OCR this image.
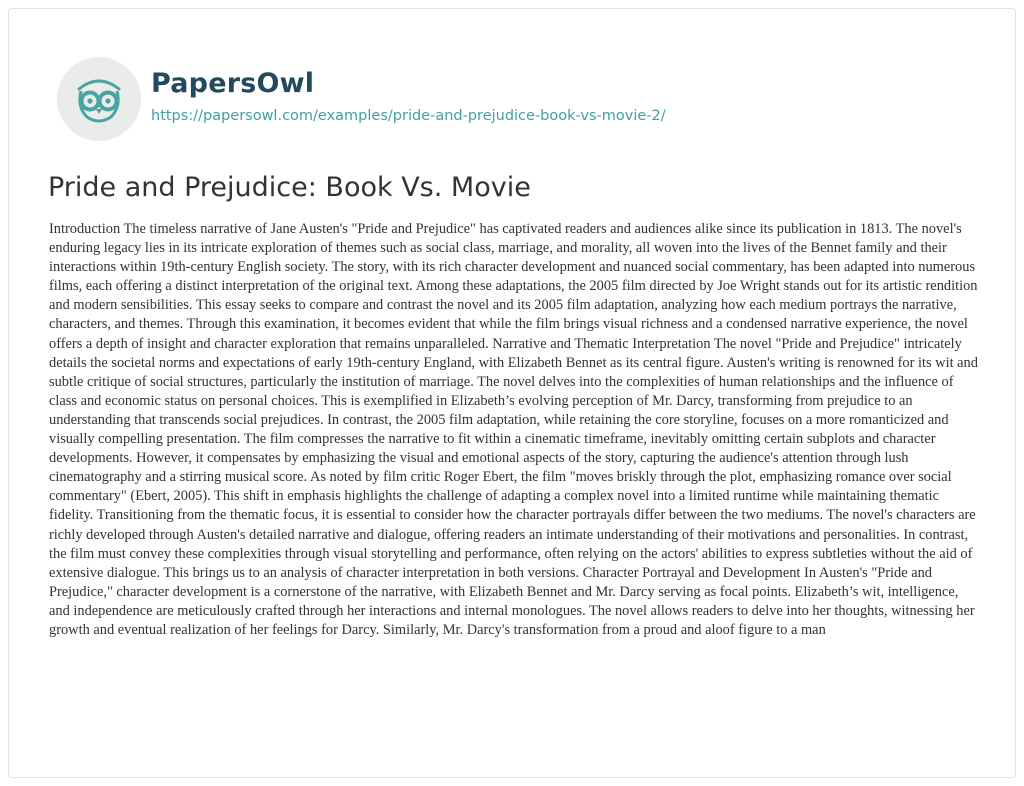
PapersOwl
https://papersowl.com/examples/pride-and-prejudice-book-vs-movie-2/
Pride and Prejudice: Book Vs. Movie

Introduction The timeless narrative of Jane Austen's "Pride and Prejudice" has captivated readers and audiences alike since its publication in 1813. The novel's enduring legacy lies in its intricate exploration of themes such as social class, marriage, and morality, all woven into the lives of the Bennet family and their interactions within 19th-century English society. The story, with its rich character development and nuanced social commentary, has been adapted into numerous films, each offering a distinct interpretation of the original text. Among these adaptations, the 2005 film directed by Joe Wright stands out for its artistic rendition and modern sensibilities. This essay seeks to compare and contrast the novel and its 2005 film adaptation, analyzing how each medium portrays the narrative, characters, and themes. Through this examination, it becomes evident that while the film brings visual richness and a condensed narrative experience, the novel offers a depth of insight and character exploration that remains unparalleled. Narrative and Thematic Interpretation The novel "Pride and Prejudice" intricately details the societal norms and expectations of early 19th-century England, with Elizabeth Bennet as its central figure. Austen's writing is renowned for its wit and subtle critique of social structures, particularly the institution of marriage. The novel delves into the complexities of human relationships and the influence of class and economic status on personal choices. This is exemplified in Elizabeth’s evolving perception of Mr. Darcy, transforming from prejudice to an understanding that transcends social prejudices. In contrast, the 2005 film adaptation, while retaining the core storyline, focuses on a more romanticized and visually compelling presentation. The film compresses the narrative to fit within a cinematic timeframe, inevitably omitting certain subplots and character developments. However, it compensates by emphasizing the visual and emotional aspects of the story, capturing the audience's attention through lush cinematography and a stirring musical score. As noted by film critic Roger Ebert, the film "moves briskly through the plot, emphasizing romance over social commentary" (Ebert, 2005). This shift in emphasis highlights the challenge of adapting a complex novel into a limited runtime while maintaining thematic fidelity. Transitioning from the thematic focus, it is essential to consider how the character portrayals differ between the two mediums. The novel's characters are richly developed through Austen's detailed narrative and dialogue, offering readers an intimate understanding of their motivations and personalities. In contrast, the film must convey these complexities through visual storytelling and performance, often relying on the actors' abilities to express subtleties without the aid of extensive dialogue. This brings us to an analysis of character interpretation in both versions. Character Portrayal and Development In Austen's "Pride and Prejudice," character development is a cornerstone of the narrative, with Elizabeth Bennet and Mr. Darcy serving as focal points. Elizabeth’s wit, intelligence, and independence are meticulously crafted through her interactions and internal monologues. The novel allows readers to delve into her thoughts, witnessing her growth and eventual realization of her feelings for Darcy. Similarly, Mr. Darcy's transformation from a proud and aloof figure to a man
